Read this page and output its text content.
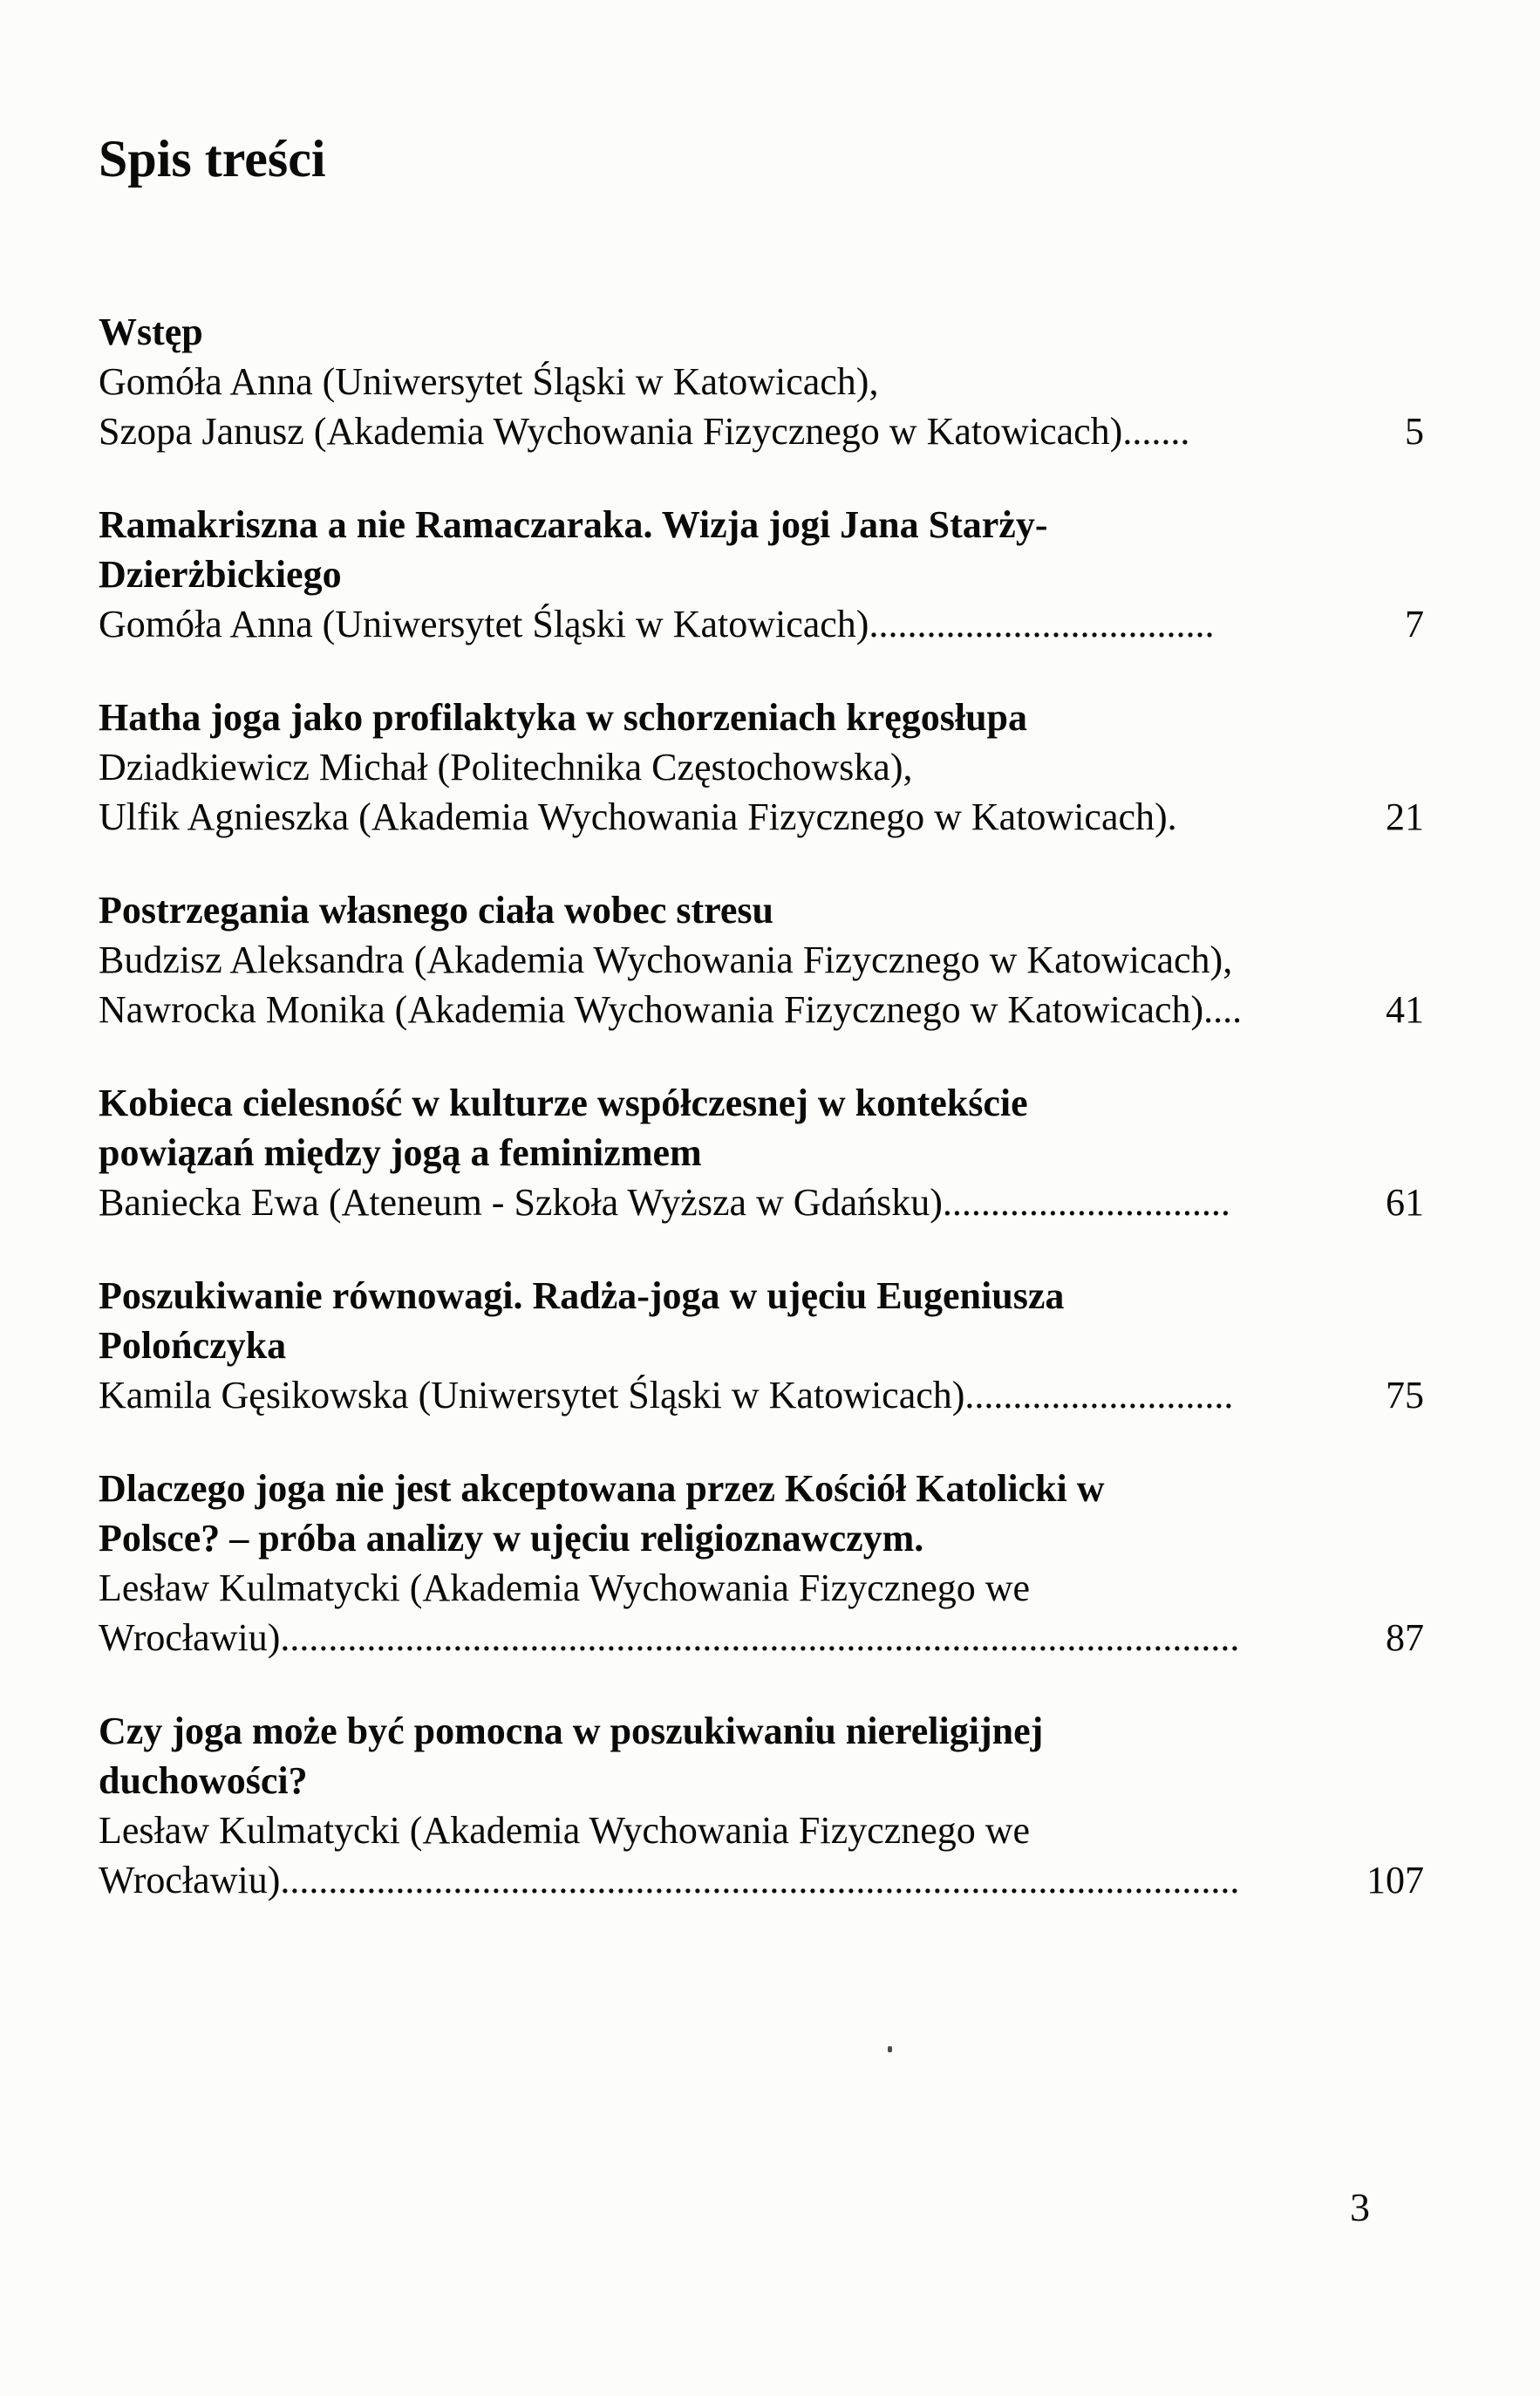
Spis treści
Wstęp
Gomóła Anna (Uniwersytet Śląski w Katowicach),
Szopa Janusz (Akademia Wychowania Fizycznego w Katowicach) .......	5
Ramakriszna a nie Ramaczaraka. Wizja jogi Jana Starży-
Dzierżbickiego
Gomóła Anna (Uniwersytet Śląski w Katowicach) ....................................	7
Hatha joga jako profilaktyka w schorzeniach kręgosłupa
Dziadkiewicz Michał (Politechnika Częstochowska),
Ulfik Agnieszka (Akademia Wychowania Fizycznego w Katowicach) .	21
Postrzegania własnego ciała wobec stresu
Budzisz Aleksandra (Akademia Wychowania Fizycznego w Katowicach),
Nawrocka Monika (Akademia Wychowania Fizycznego w Katowicach) ....	41
Kobieca cielesność w kulturze współczesnej w kontekście
powiązań między jogą a feminizmem
Baniecka Ewa (Ateneum - Szkoła Wyższa w Gdańsku) ..............................	61
Poszukiwanie równowagi. Radża-joga w ujęciu Eugeniusza
Polończyka
Kamila Gęsikowska (Uniwersytet Śląski w Katowicach) ............................	75
Dlaczego joga nie jest akceptowana przez Kościół Katolicki w
Polsce? – próba analizy w ujęciu religioznawczym.
Lesław Kulmatycki (Akademia Wychowania Fizycznego we
Wrocławiu) ....................................................................................................	87
Czy joga może być pomocna w poszukiwaniu niereligijnej
duchowości?
Lesław Kulmatycki (Akademia Wychowania Fizycznego we
Wrocławiu) ....................................................................................................	107
3
